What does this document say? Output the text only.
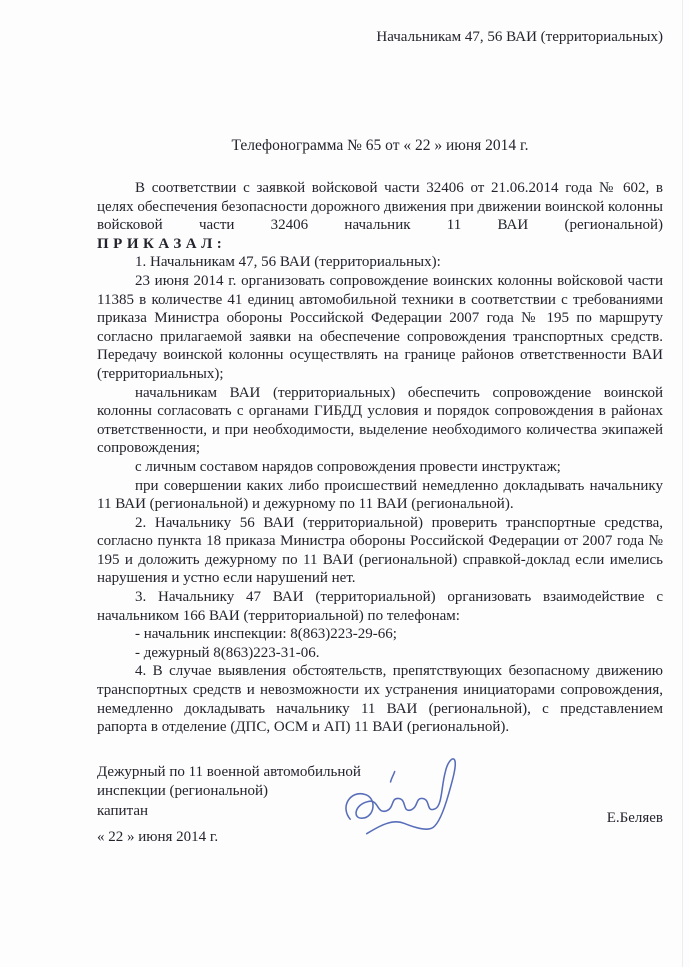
Начальникам 47, 56 ВАИ (территориальных)
Телефонограмма № 65 от « 22 » июня 2014 г.

В соответствии с заявкой войсковой части 32406 от 21.06.2014 года № 602, в целях обеспечения безопасности дорожного движения при движении воинской колонны войсковой части 32406 начальник 11 ВАИ (региональной)

ПРИКАЗАЛ:

1. Начальникам 47, 56 ВАИ (территориальных):

23 июня 2014 г. организовать сопровождение воинских колонны войсковой части 11385 в количестве 41 единиц автомобильной техники в соответствии с требованиями приказа Министра обороны Российской Федерации 2007 года № 195 по маршруту согласно прилагаемой заявки на обеспечение сопровождения транспортных средств. Передачу воинской колонны осуществлять на границе районов ответственности ВАИ (территориальных);

начальникам ВАИ (территориальных) обеспечить сопровождение воинской колонны согласовать с органами ГИБДД условия и порядок сопровождения в районах ответственности, и при необходимости, выделение необходимого количества экипажей сопровождения;

с личным составом нарядов сопровождения провести инструктаж;

при совершении каких либо происшествий немедленно докладывать начальнику 11 ВАИ (региональной) и дежурному по 11 ВАИ (региональной).

2. Начальнику 56 ВАИ (территориальной) проверить транспортные средства, согласно пункта 18 приказа Министра обороны Российской Федерации от 2007 года № 195 и доложить дежурному по 11 ВАИ (региональной) справкой-доклад если имелись нарушения и устно если нарушений нет.

3. Начальнику 47 ВАИ (территориальной) организовать взаимодействие с начальником 166 ВАИ (территориальной) по телефонам:

- начальник инспекции: 8(863)223-29-66;

- дежурный 8(863)223-31-06.

4. В случае выявления обстоятельств, препятствующих безопасному движению транспортных средств и невозможности их устранения инициаторами сопровождения, немедленно докладывать начальнику 11 ВАИ (региональной), с представлением рапорта в отделение (ДПС, ОСМ и АП) 11 ВАИ (региональной).

Дежурный по 11 военной автомобильной
инспекции (региональной)
капитан
« 22 » июня 2014 г.
Е.Беляев
